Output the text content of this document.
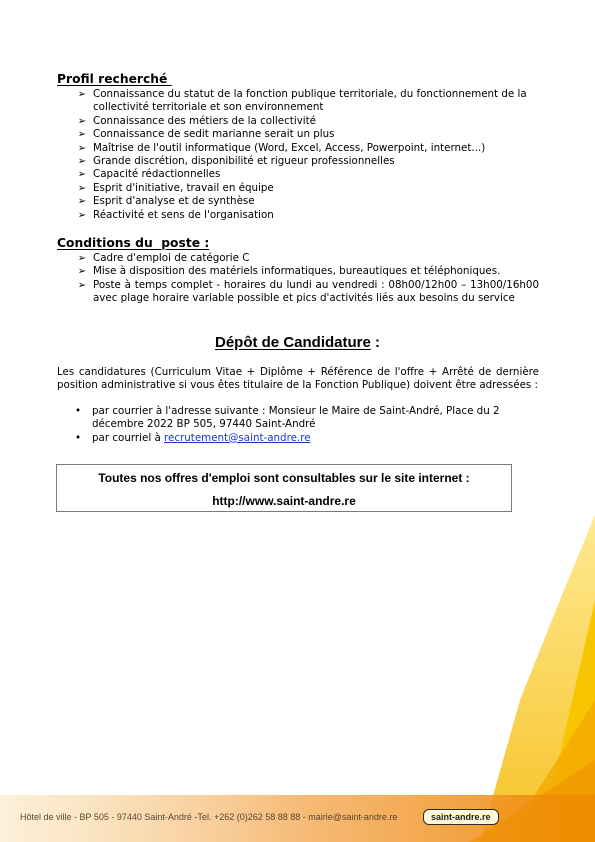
Profil recherché
➢ Connaissance du statut de la fonction publique territoriale, du fonctionnement de la collectivité territoriale et son environnement
➢ Connaissance des métiers de la collectivité
➢ Connaissance de sedit marianne serait un plus
➢ Maîtrise de l'outil informatique (Word, Excel, Access, Powerpoint, internet...)
➢ Grande discrétion, disponibilité et rigueur professionnelles
➢ Capacité rédactionnelles
➢ Esprit d'initiative, travail en équipe
➢ Esprit d'analyse et de synthèse
➢ Réactivité et sens de l'organisation
Conditions du  poste :
➢ Cadre d'emploi de catégorie C
➢ Mise à disposition des matériels informatiques, bureautiques et téléphoniques.
➢ Poste à temps complet - horaires du lundi au vendredi : 08h00/12h00 – 13h00/16h00 avec plage horaire variable possible et pics d'activités liés aux besoins du service
Dépôt de Candidature :
Les candidatures (Curriculum Vitae + Diplôme + Référence de l'offre + Arrêté de dernière position administrative si vous êtes titulaire de la Fonction Publique) doivent être adressées :
• par courrier à l'adresse suivante : Monsieur le Maire de Saint-André, Place du 2 décembre 2022 BP 505, 97440 Saint-André
• par courriel à recrutement@saint-andre.re
Toutes nos offres d'emploi sont consultables sur le site internet :
http://www.saint-andre.re
Hôtel de ville - BP 505 - 97440 Saint-André -Tel. +262 (0)262 58 88 88 - mairie@saint-andre.re	saint-andre.re
